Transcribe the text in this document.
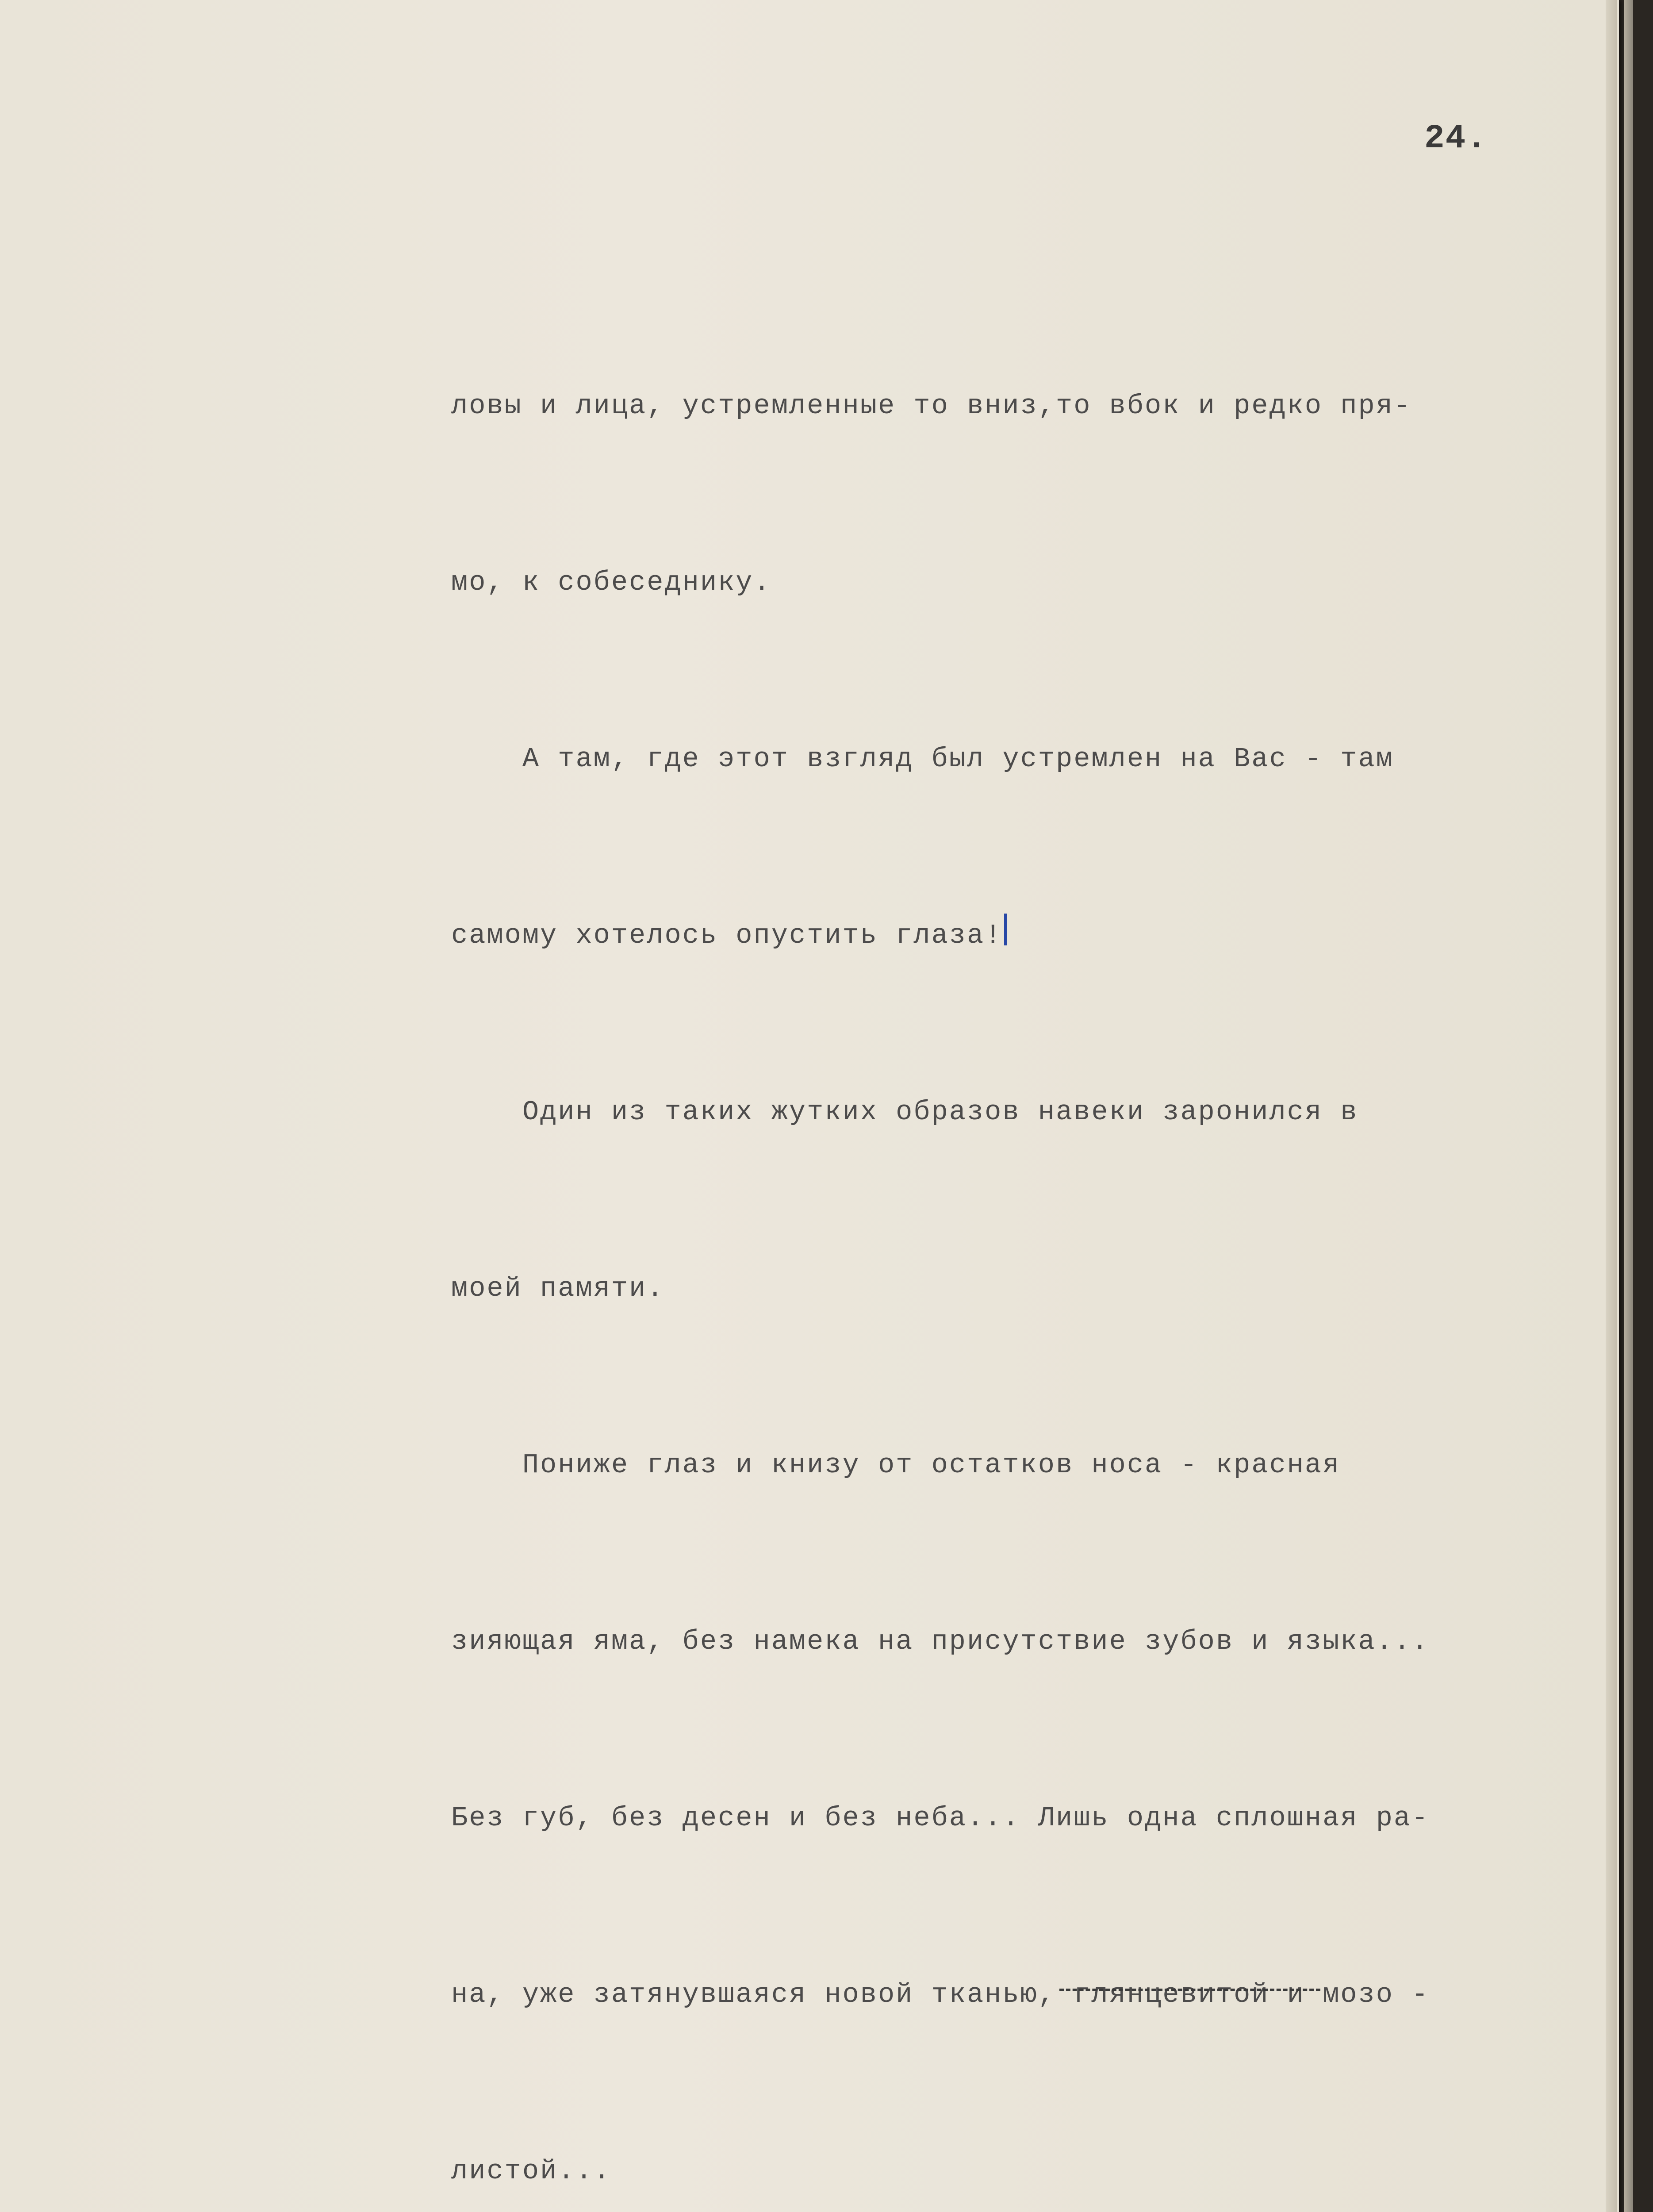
24.

ловы и лица, устремленные то вниз,то вбок и редко пря-

мо, к собеседнику.

А там, где этот взгляд был устремлен на Вас - там

самому хотелось опустить глаза!

Один из таких жутких образов навеки заронился в

моей памяти.

Пониже глаз и книзу от остатков носа - красная

зияющая яма, без намека на присутствие зубов и языка...

Без губ, без десен и без неба... Лишь одна сплошная ра-

на, уже затянувшаяся новой тканью, глянцевитой и мозо -

листой...
